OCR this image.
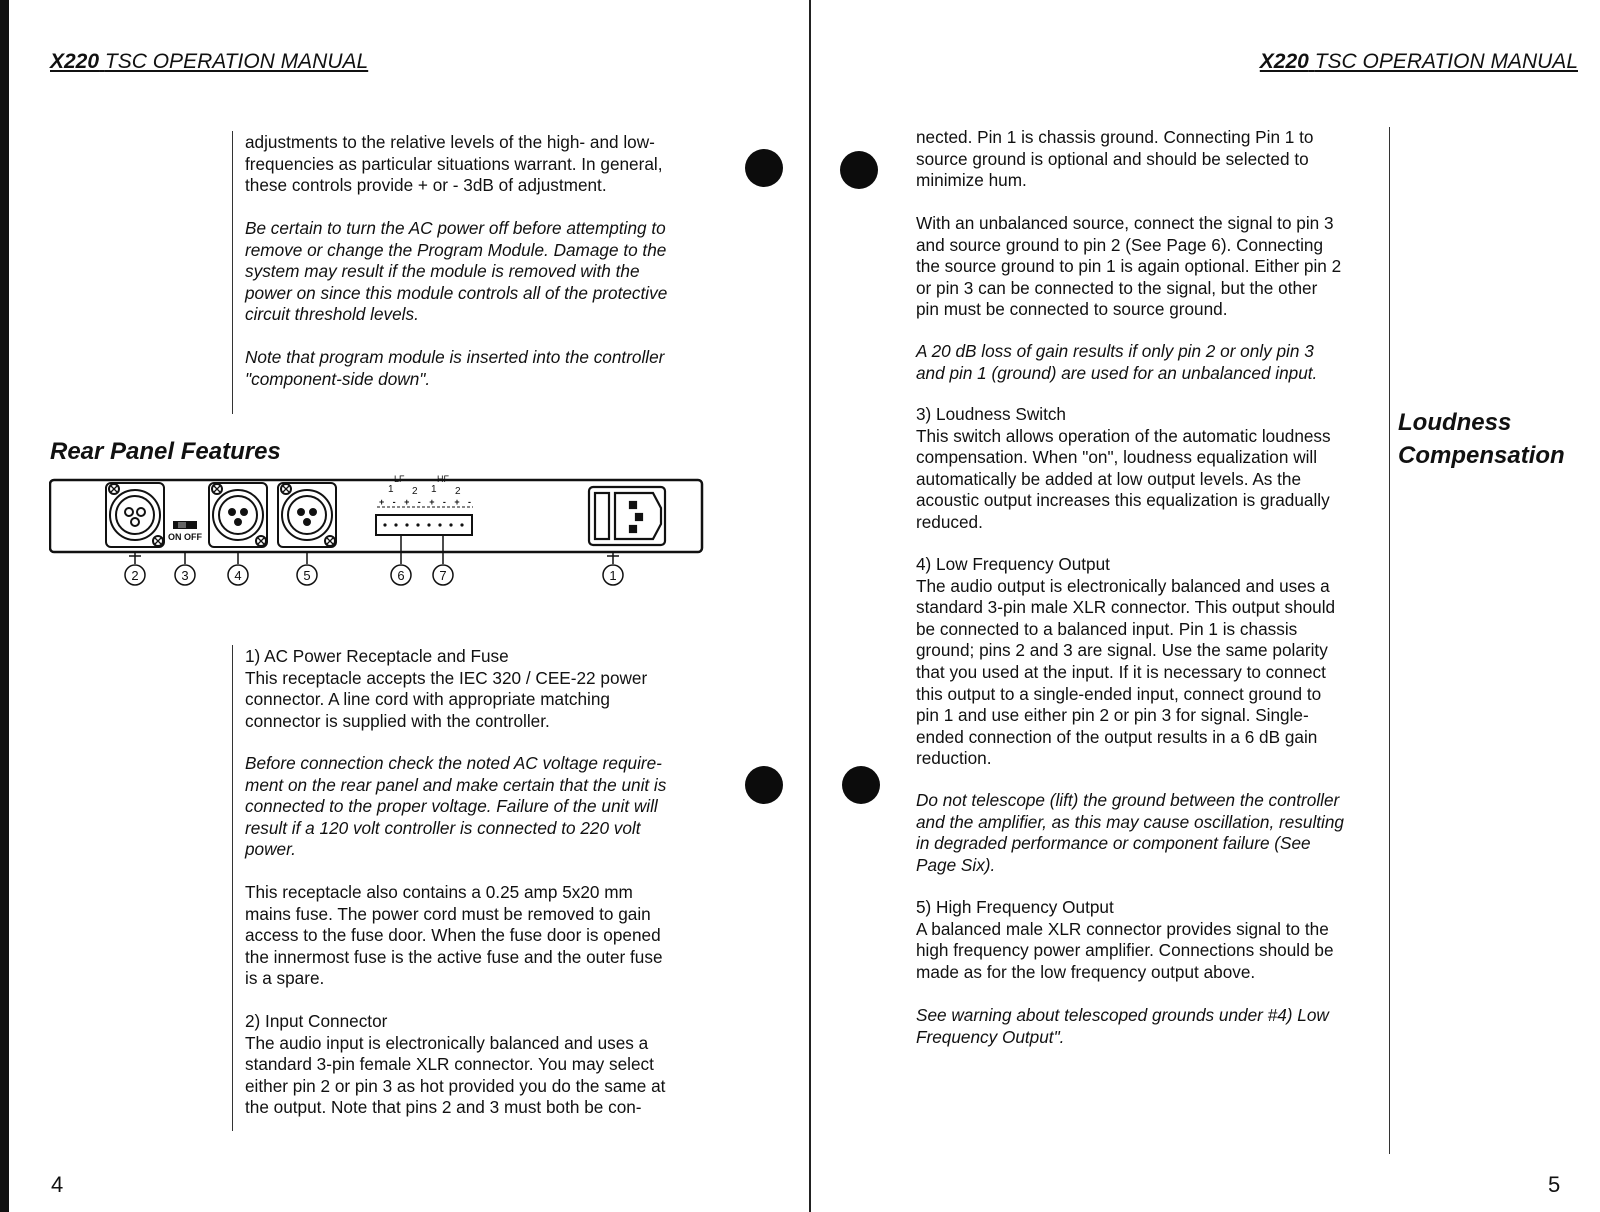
X220 TSC OPERATION MANUAL
adjustments to the relative levels of the high- and low-
frequencies as particular situations warrant. In general,
these controls provide + or - 3dB of adjustment.
Be certain to turn the AC power off before attempting to
remove or change the Program Module. Damage to the
system may result if the module is removed with the
power on since this module controls all of the protective
circuit threshold levels.
Note that program module is inserted into the controller
"component-side down".
Rear Panel Features
ON OFF
LF	HF
1 2 1 2
+ - + - + - + -
2	3	4	5	6	7	1
1) AC Power Receptacle and Fuse
This receptacle accepts the IEC 320 / CEE-22 power
connector. A line cord with appropriate matching
connector is supplied with the controller.
Before connection check the noted AC voltage require-
ment on the rear panel and make certain that the unit is
connected to the proper voltage. Failure of the unit will
result if a 120 volt controller is connected to 220 volt
power.
This receptacle also contains a 0.25 amp 5x20 mm
mains fuse. The power cord must be removed to gain
access to the fuse door. When the fuse door is opened
the innermost fuse is the active fuse and the outer fuse
is a spare.
2) Input Connector
The audio input is electronically balanced and uses a
standard 3-pin female XLR connector. You may select
either pin 2 or pin 3 as hot provided you do the same at
the output. Note that pins 2 and 3 must both be con-
4
X220 TSC OPERATION MANUAL
nected. Pin 1 is chassis ground. Connecting Pin 1 to
source ground is optional and should be selected to
minimize hum.
With an unbalanced source, connect the signal to pin 3
and source ground to pin 2 (See Page 6). Connecting
the source ground to pin 1 is again optional. Either pin 2
or pin 3 can be connected to the signal, but the other
pin must be connected to source ground.
A 20 dB loss of gain results if only pin 2 or only pin 3
and pin 1 (ground) are used for an unbalanced input.
3) Loudness Switch
This switch allows operation of the automatic loudness
compensation. When "on", loudness equalization will
automatically be added at low output levels. As the
acoustic output increases this equalization is gradually
reduced.
4) Low Frequency Output
The audio output is electronically balanced and uses a
standard 3-pin male XLR connector. This output should
be connected to a balanced input. Pin 1 is chassis
ground; pins 2 and 3 are signal. Use the same polarity
that you used at the input. If it is necessary to connect
this output to a single-ended input, connect ground to
pin 1 and use either pin 2 or pin 3 for signal. Single-
ended connection of the output results in a 6 dB gain
reduction.
Do not telescope (lift) the ground between the controller
and the amplifier, as this may cause oscillation, resulting
in degraded performance or component failure (See
Page Six).
5) High Frequency Output
A balanced male XLR connector provides signal to the
high frequency power amplifier. Connections should be
made as for the low frequency output above.
See warning about telescoped grounds under #4) Low
Frequency Output".
Loudness
Compensation
5
